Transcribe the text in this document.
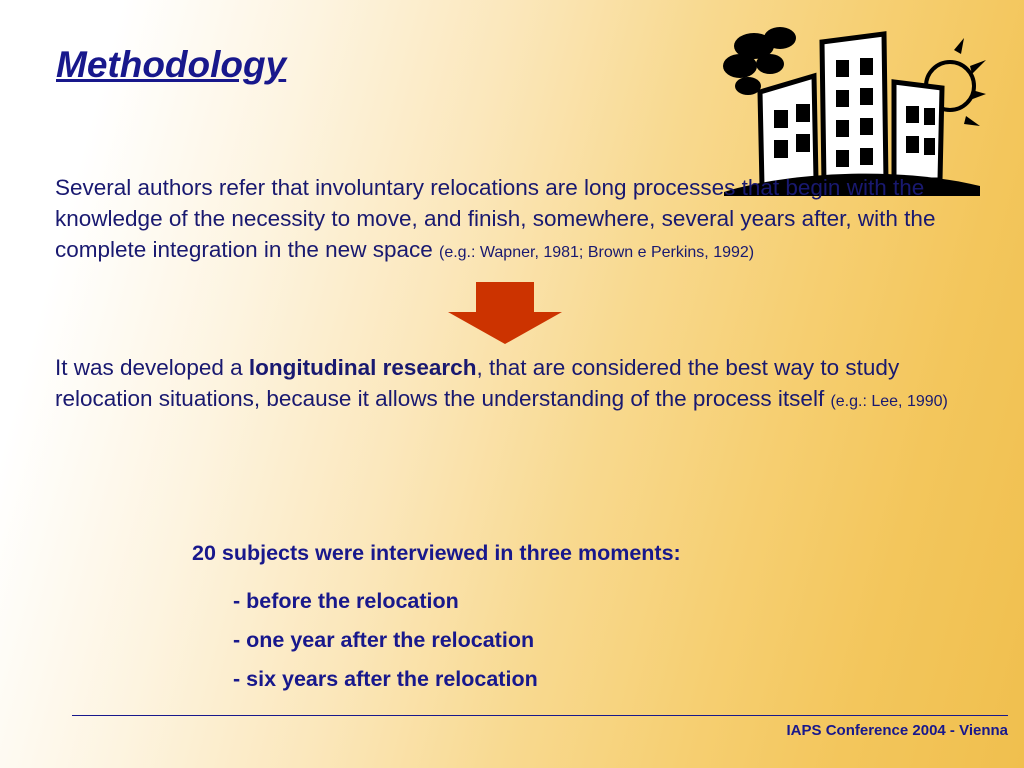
Methodology
Several authors refer that involuntary relocations are long processes that begin with the knowledge of the necessity to move, and finish, somewhere, several years after, with the complete integration in the new space (e.g.: Wapner, 1981; Brown e Perkins, 1992)
It was developed a longitudinal research, that are considered the best way to study relocation situations, because it allows the understanding of the process itself (e.g.: Lee, 1990)
20 subjects were interviewed in three moments:
- before the relocation
- one year after the relocation
- six years after the relocation
IAPS Conference 2004 - Vienna
